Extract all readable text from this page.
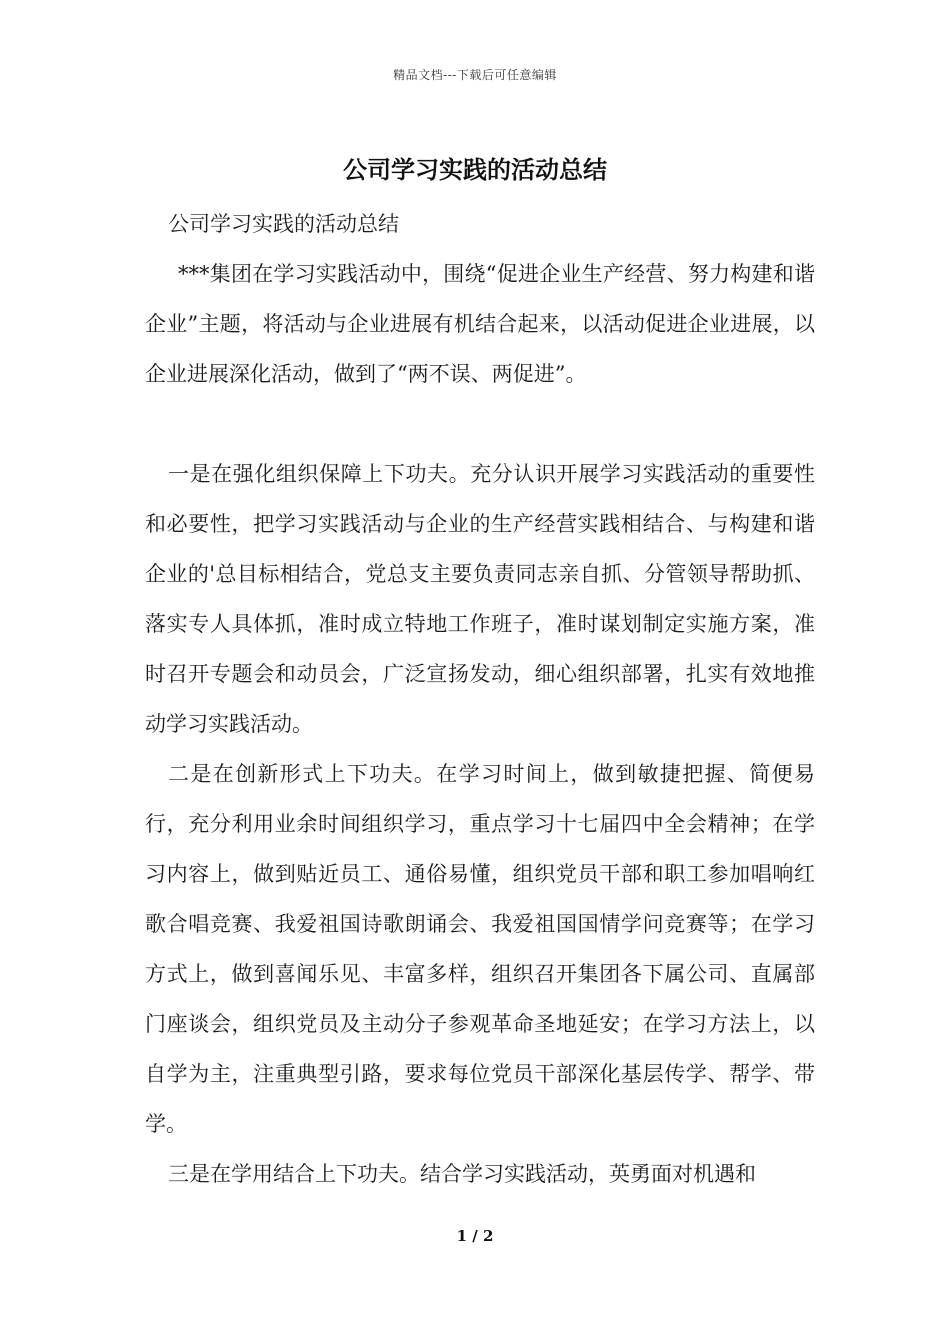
精品文档---下载后可任意编辑
公司学习实践的活动总结

公司学习实践的活动总结

***集团在学习实践活动中，围绕“促进企业生产经营、努力构建和谐企业”主题，将活动与企业进展有机结合起来，以活动促进企业进展，以企业进展深化活动，做到了“两不误、两促进”。

一是在强化组织保障上下功夫。充分认识开展学习实践活动的重要性和必要性，把学习实践活动与企业的生产经营实践相结合、与构建和谐企业的'总目标相结合，党总支主要负责同志亲自抓、分管领导帮助抓、落实专人具体抓，准时成立特地工作班子，准时谋划制定实施方案，准时召开专题会和动员会，广泛宣扬发动，细心组织部署，扎实有效地推动学习实践活动。

二是在创新形式上下功夫。在学习时间上，做到敏捷把握、简便易行，充分利用业余时间组织学习，重点学习十七届四中全会精神；在学习内容上，做到贴近员工、通俗易懂，组织党员干部和职工参加唱响红歌合唱竞赛、我爱祖国诗歌朗诵会、我爱祖国国情学问竞赛等；在学习方式上，做到喜闻乐见、丰富多样，组织召开集团各下属公司、直属部门座谈会，组织党员及主动分子参观革命圣地延安；在学习方法上，以自学为主，注重典型引路，要求每位党员干部深化基层传学、帮学、带学。

三是在学用结合上下功夫。结合学习实践活动，英勇面对机遇和

1 / 2
